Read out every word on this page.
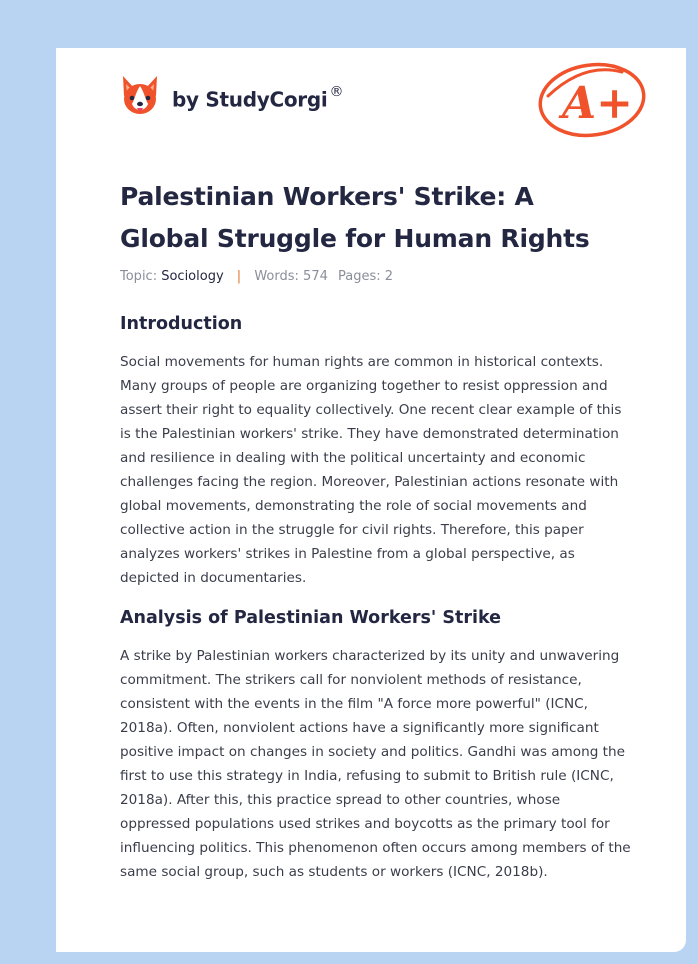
by StudyCorgi ®	A+
Palestinian Workers' Strike: A Global Struggle for Human Rights
Topic: Sociology | Words: 574 Pages: 2
Introduction

Social movements for human rights are common in historical contexts. Many groups of people are organizing together to resist oppression and assert their right to equality collectively. One recent clear example of this is the Palestinian workers' strike. They have demonstrated determination and resilience in dealing with the political uncertainty and economic challenges facing the region. Moreover, Palestinian actions resonate with global movements, demonstrating the role of social movements and collective action in the struggle for civil rights. Therefore, this paper analyzes workers' strikes in Palestine from a global perspective, as depicted in documentaries.

Analysis of Palestinian Workers' Strike

A strike by Palestinian workers characterized by its unity and unwavering commitment. The strikers call for nonviolent methods of resistance, consistent with the events in the film "A force more powerful" (ICNC, 2018a). Often, nonviolent actions have a significantly more significant positive impact on changes in society and politics. Gandhi was among the first to use this strategy in India, refusing to submit to British rule (ICNC, 2018a). After this, this practice spread to other countries, whose oppressed populations used strikes and boycotts as the primary tool for influencing politics. This phenomenon often occurs among members of the same social group, such as students or workers (ICNC, 2018b).
